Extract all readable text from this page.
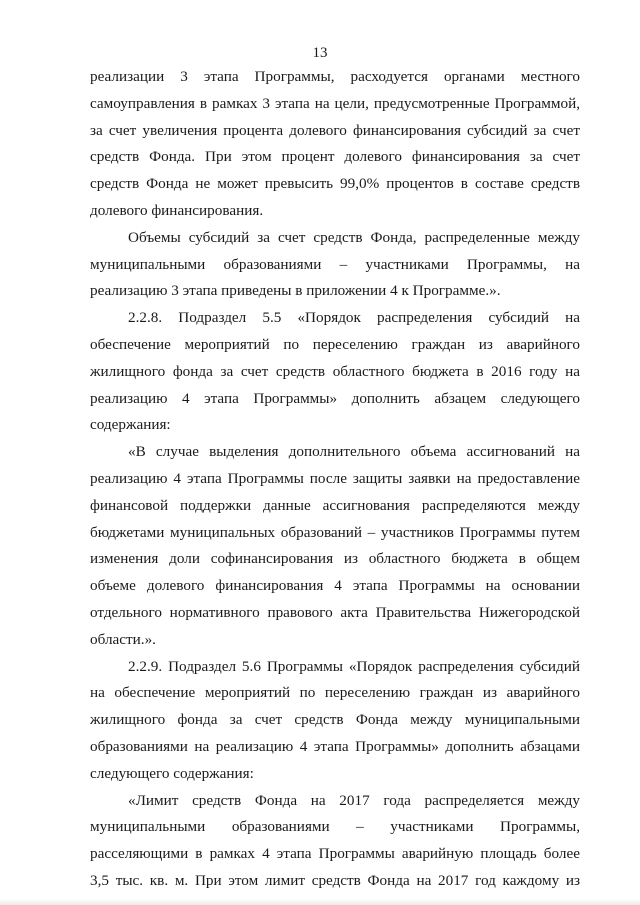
13
реализации 3 этапа Программы, расходуется органами местного
самоуправления в рамках 3 этапа на цели, предусмотренные Программой,
за счет увеличения процента долевого финансирования субсидий за счет
средств Фонда. При этом процент долевого финансирования за счет
средств Фонда не может превысить 99,0% процентов в составе средств
долевого финансирования.
Объемы субсидий за счет средств Фонда, распределенные между
муниципальными образованиями – участниками Программы, на
реализацию 3 этапа приведены в приложении 4 к Программе.».
2.2.8. Подраздел 5.5 «Порядок распределения субсидий на
обеспечение мероприятий по переселению граждан из аварийного
жилищного фонда за счет средств областного бюджета в 2016 году на
реализацию 4 этапа Программы» дополнить абзацем следующего
содержания:
«В случае выделения дополнительного объема ассигнований на
реализацию 4 этапа Программы после защиты заявки на предоставление
финансовой поддержки данные ассигнования распределяются между
бюджетами муниципальных образований – участников Программы путем
изменения доли софинансирования из областного бюджета в общем
объеме долевого финансирования 4 этапа Программы на основании
отдельного нормативного правового акта Правительства Нижегородской
области.».
2.2.9. Подраздел 5.6 Программы «Порядок распределения субсидий
на обеспечение мероприятий по переселению граждан из аварийного
жилищного фонда за счет средств Фонда между муниципальными
образованиями на реализацию 4 этапа Программы» дополнить абзацами
следующего содержания:
«Лимит средств Фонда на 2017 года распределяется между
муниципальными образованиями – участниками Программы,
расселяющими в рамках 4 этапа Программы аварийную площадь более
3,5 тыс. кв. м. При этом лимит средств Фонда на 2017 год каждому из
